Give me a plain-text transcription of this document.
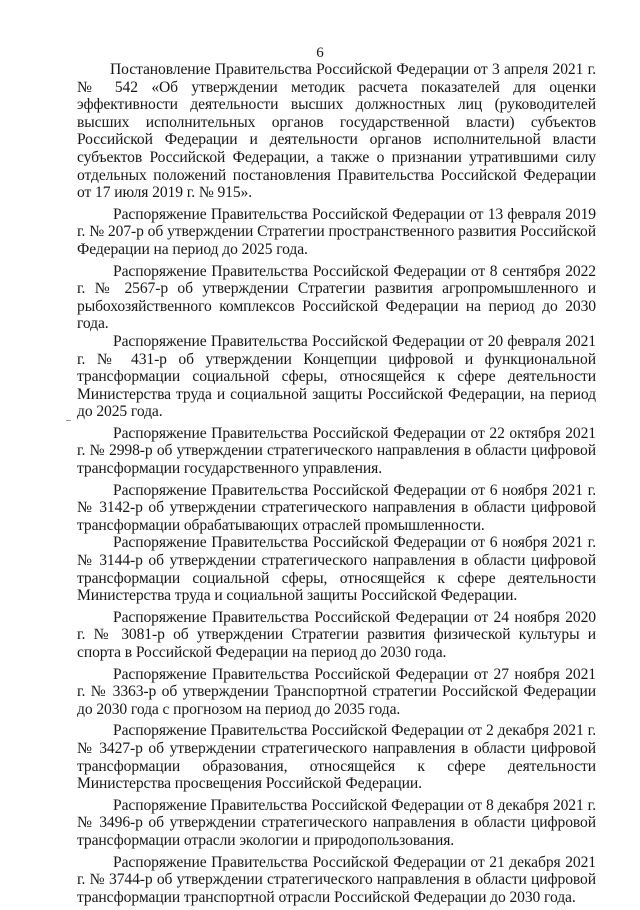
6

Постановление Правительства Российской Федерации от 3 апреля 2021 г. № 542 «Об утверждении методик расчета показателей для оценки эффективности деятельности высших должностных лиц (руководителей высших исполнительных органов государственной власти) субъектов Российской Федерации и деятельности органов исполнительной власти субъектов Российской Федерации, а также о признании утратившими силу отдельных положений постановления Правительства Российской Федерации от 17 июля 2019 г. № 915».

Распоряжение Правительства Российской Федерации от 13 февраля 2019 г. № 207-р об утверждении Стратегии пространственного развития Российской Федерации на период до 2025 года.

Распоряжение Правительства Российской Федерации от 8 сентября 2022 г. № 2567-р об утверждении Стратегии развития агропромышленного и рыбохозяйственного комплексов Российской Федерации на период до 2030 года.

Распоряжение Правительства Российской Федерации от 20 февраля 2021 г. № 431-р об утверждении Концепции цифровой и функциональной трансформации социальной сферы, относящейся к сфере деятельности Министерства труда и социальной защиты Российской Федерации, на период до 2025 года.

Распоряжение Правительства Российской Федерации от 22 октября 2021 г. № 2998-р об утверждении стратегического направления в области цифровой трансформации государственного управления.

Распоряжение Правительства Российской Федерации от 6 ноября 2021 г. № 3142-р об утверждении стратегического направления в области цифровой трансформации обрабатывающих отраслей промышленности.

Распоряжение Правительства Российской Федерации от 6 ноября 2021 г. № 3144-р об утверждении стратегического направления в области цифровой трансформации социальной сферы, относящейся к сфере деятельности Министерства труда и социальной защиты Российской Федерации.

Распоряжение Правительства Российской Федерации от 24 ноября 2020 г. № 3081-р об утверждении Стратегии развития физической культуры и спорта в Российской Федерации на период до 2030 года.

Распоряжение Правительства Российской Федерации от 27 ноября 2021 г. № 3363-р об утверждении Транспортной стратегии Российской Федерации до 2030 года с прогнозом на период до 2035 года.

Распоряжение Правительства Российской Федерации от 2 декабря 2021 г. № 3427-р об утверждении стратегического направления в области цифровой трансформации образования, относящейся к сфере деятельности Министерства просвещения Российской Федерации.

Распоряжение Правительства Российской Федерации от 8 декабря 2021 г. № 3496-р об утверждении стратегического направления в области цифровой трансформации отрасли экологии и природопользования.

Распоряжение Правительства Российской Федерации от 21 декабря 2021 г. № 3744-р об утверждении стратегического направления в области цифровой трансформации транспортной отрасли Российской Федерации до 2030 года.
